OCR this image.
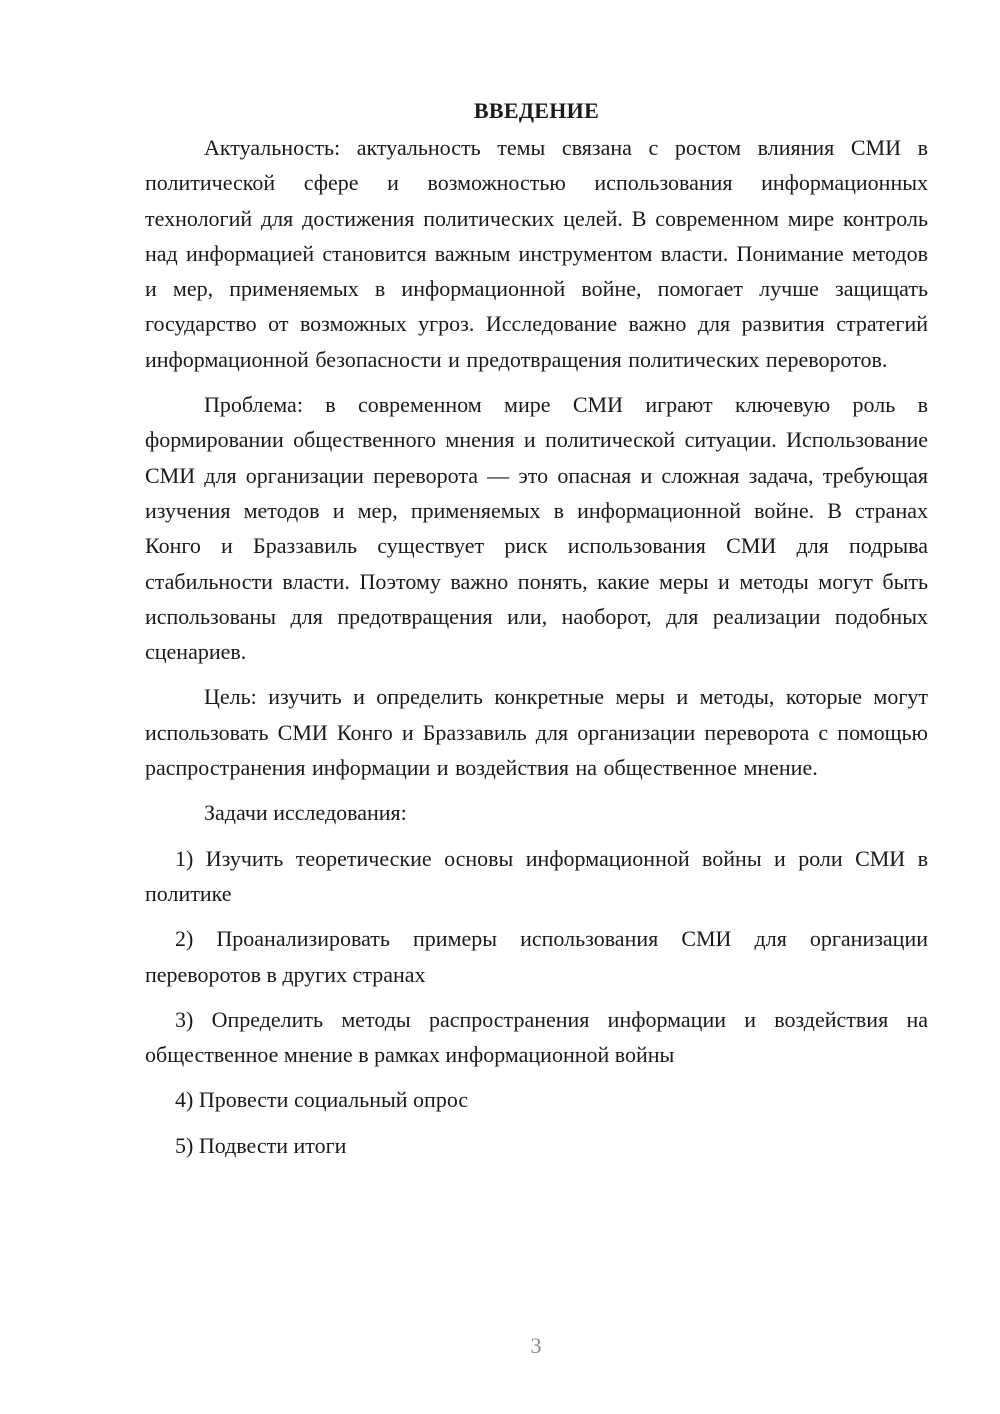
ВВЕДЕНИЕ

Актуальность: актуальность темы связана с ростом влияния СМИ в политической сфере и возможностью использования информационных технологий для достижения политических целей. В современном мире контроль над информацией становится важным инструментом власти. Понимание методов и мер, применяемых в информационной войне, помогает лучше защищать государство от возможных угроз. Исследование важно для развития стратегий информационной безопасности и предотвращения политических переворотов.

Проблема: в современном мире СМИ играют ключевую роль в формировании общественного мнения и политической ситуации. Использование СМИ для организации переворота — это опасная и сложная задача, требующая изучения методов и мер, применяемых в информационной войне. В странах Конго и Браззавиль существует риск использования СМИ для подрыва стабильности власти. Поэтому важно понять, какие меры и методы могут быть использованы для предотвращения или, наоборот, для реализации подобных сценариев.

Цель: изучить и определить конкретные меры и методы, которые могут использовать СМИ Конго и Браззавиль для организации переворота с помощью распространения информации и воздействия на общественное мнение.

Задачи исследования:

1) Изучить теоретические основы информационной войны и роли СМИ в политике

2) Проанализировать примеры использования СМИ для организации переворотов в других странах

3) Определить методы распространения информации и воздействия на общественное мнение в рамках информационной войны

4) Провести социальный опрос

5) Подвести итоги

3
